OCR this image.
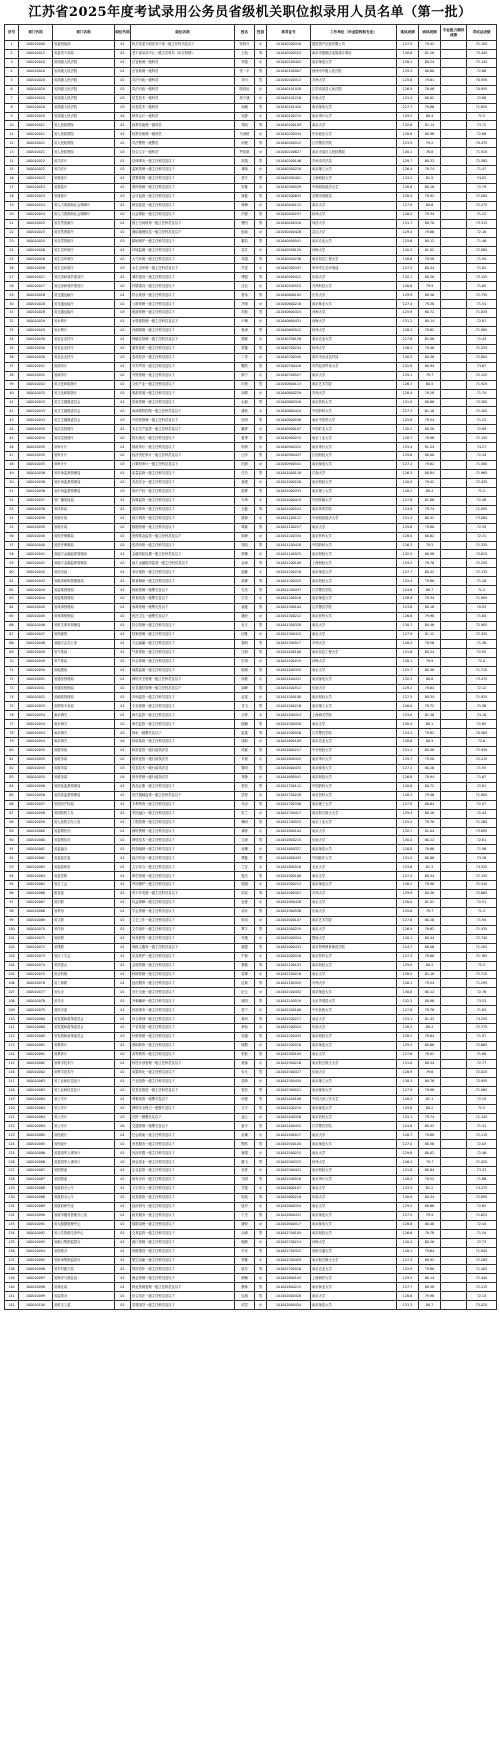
江苏省2025年度考试录用公务员省级机关职位拟录用人员名单（第一批）
序号	部门代码	部门名称	职位代码	职位名称	姓名	性别	准考证号	工作单位（毕业院校和专业）	笔试成绩	面试成绩	专业能力测试成绩	考试总成绩
1	100010000	省委统战部	01	机关党委专职党务干部一级主任科员及以下	张阿月	女	101040500318	建投资产运营有限公司	127.5	79.42		71.105
2	100010012	省委老干部局	01	老干部活动中心一级主任科员（综合管理）	王航	男	101040500525	南京市建邺区某街道办事处	130.6	81.28		73.445
3	100010020	省高级人民法院	01	法官助理一级科员	李菡	女	101040100402	南京师范大学	128.1	80.24		72.145
4	100010020	省高级人民法院	01	法官助理一级科员	张一平	男	101040100907	徐州市中级人民法院	129.3	80.88		72.66
5	100010020	省高级人民法院	02	司法行政一级科员	刘川	男	101040100312	苏州大学	125.8	79.61		70.935
6	100010020	省高级人民法院	02	司法行政一级科员	陈欣怡	女	101040101028	江苏省某县人民法院	126.9	78.46		70.955
7	100010020	省高级人民法院	03	信息技术一级科员	周子涵	女	101040101216	东南大学	131.4	80.02		72.86
8	100010020	省高级人民法院	03	信息技术一级科员	孙鹏	男	101040101420	南京邮电大学	127.7	79.86		71.855
9	100010020	省高级人民法院	04	财务会计一级科员	吴静	女	101040100715	南京审计大学	129.2	80.4		72.5
10	100010021	省人民检察院	01	检察官助理一级科员	郑凯	男	101040200109	南京大学	132.6	81.14		73.72
11	100010021	省人民检察院	01	检察官助理一级科员	马雨婷	女	101040200334	华东政法大学	128.8	80.96		72.68
12	100010021	省人民检察院	02	司法警察一级警员	何俊	男	101040200512	江苏警官学院	123.5	79.2		70.475
13	100010021	省人民检察院	03	综合文字一级科员	罗佳琪	女	101040200627	南京市某区人民检察院	130.1	78.8		71.925
14	100010022	省司法厅	01	法律事务一级主任科员及以下	高翔	男	101040300146	苏州市司法局	129.7	80.32		72.585
15	100010022	省司法厅	02	监狱管理一级主任科员及以下	林晓	女	101040300218	南京理工大学	126.4	79.74		71.47
16	100010023	省财政厅	01	预算管理一级主任科员及以下	梁宇	男	101040300401	上海财经大学	133.2	81.5		74.05
17	100010023	省财政厅	02	国库管理一级主任科员及以下	宋雅	女	101040300529	中南财经政法大学	130.8	80.18		72.79
18	100010023	省财政厅	03	会计监督一级主任科员及以下	唐磊	男	101040300633	无锡市财政局	128.5	79.92		72.085
19	100010024	省人力资源和社会保障厅	01	就业促进一级主任科员及以下	韩梅	女	101040400112	南京大学	127.9	80.6		72.275
20	100010024	省人力资源和社会保障厅	02	社会保险一级主任科员及以下	冯程	男	101040400257	扬州大学	126.2	79.34		71.22
21	100010025	省自然资源厅	01	国土空间规划一级主任科员及以下	曹阳	男	101040400318	同济大学	131.7	80.78		73.315
22	100010025	省自然资源厅	02	测绘地理信息一级主任科员及以下	彭丽	女	101040400426	武汉大学	129.4	79.66		72.18
23	100010025	省自然资源厅	03	耕地保护一级主任科员及以下	董浩	男	101040400541	南京农业大学	125.6	80.12		71.46
24	100010026	省生态环境厅	01	环境监测一级主任科员及以下	袁芳	女	101040500129	河海大学	130.3	81.02		72.085
25	100010026	省生态环境厅	02	大气环境一级主任科员及以下	邓超	男	101040500236	南京信息工程大学	128.6	79.58		71.94
26	100010026	省生态环境厅	03	水生态环境一级主任科员及以下	许雯	女	101040500347	常州市生态环境局	127.2	80.44		71.82
27	100010027	省住房和城乡建设厅	01	城市建设一级主任科员及以下	傅强	男	101040500412	东南大学	132.1	80.26		73.155
28	100010027	省住房和城乡建设厅	02	村镇建设一级主任科员及以下	沈洁	女	101040500523	苏州科技大学	126.8	79.9		71.65
29	100010028	省交通运输厅	01	综合规划一级主任科员及以下	曾伟	男	101040600105	长安大学	129.9	80.56		72.755
30	100010028	省交通运输厅	02	公路管理一级主任科员及以下	吕晴	女	101040600218	南京林业大学	127.4	79.38		71.54
31	100010028	省交通运输厅	03	航道管理一级主任科员及以下	苏航	男	101040600324	河海大学	125.9	80.72		71.835
32	100010029	省水利厅	01	水资源管理一级主任科员及以下	卢琳	女	101040600431	河海大学	131.2	80.14		72.87
33	100010029	省水利厅	02	河湖管理一级主任科员及以下	蒋涛	男	101040600512	扬州大学	128.3	79.82		71.985
34	100010030	省农业农村厅	01	种植业管理一级主任科员及以下	蔡敏	女	101040700126	南京农业大学	127.6	81.08		72.44
35	100010030	省农业农村厅	02	畜牧兽医一级主任科员及以下	贾鑫	男	101040700234	扬州大学	126.1	79.46		71.255
36	100010030	省农业农村厅	03	农村经济一级主任科员及以下	丁雪	女	101040700345	淮安市农业农村局	130.5	80.36		72.805
37	100010031	省商务厅	01	对外贸易一级主任科员及以下	魏然	男	101040700418	对外经济贸易大学	132.8	80.94		73.67
38	100010031	省商务厅	02	外资管理一级主任科员及以下	薛宁	女	101040700527	南京大学	129.1	79.7		72.125
39	100010032	省文化和旅游厅	01	文化产业一级主任科员及以下	叶晨	男	101040800113	南京艺术学院	126.7	80.5		71.925
40	100010032	省文化和旅游厅	02	旅游发展一级主任科员及以下	阎婧	女	101040800229	苏州大学	128.4	79.28		71.74
41	100010033	省卫生健康委员会	01	医政管理一级主任科员及以下	余斌	男	101040800316	南京医科大学	131.9	80.66		73.305
42	100010033	省卫生健康委员会	02	疾病预防控制一级主任科员及以下	潘悦	女	101040800424	中国药科大学	127.3	81.16		72.405
43	100010033	省卫生健康委员会	03	中医药管理一级主任科员及以下	杜明	男	101040800538	南京中医药大学	125.8	79.54		71.22
44	100010034	省应急管理厅	01	安全生产监管一级主任科员及以下	戴婷	女	101040900107	中国矿业大学	130.2	80.28		72.69
45	100010034	省应急管理厅	02	防灾减灾一级主任科员及以下	夏勇	男	101040900215	南京工业大学	128.7	79.96		72.155
46	100010035	省审计厅	01	财政审计一级主任科员及以下	钟倩	女	101040900322	南京审计大学	133.4	81.24		74.27
47	100010035	省审计厅	02	经济责任审计一级主任科员及以下	汪洋	男	101040900437	江西财经大学	129.6	80.08		72.44
48	100010035	省审计厅	03	计算机审计一级主任科员及以下	田甜	女	101040900541	南京邮电大学	127.1	79.62		71.585
49	100010036	省市场监督管理局	01	质量监督一级主任科员及以下	任杰	男	101041000118	江南大学	126.5	80.84		71.965
50	100010036	省市场监督管理局	02	食品安全一级主任科员及以下	姜媛	女	101041000226	南京财经大学	130.9	79.42		72.435
51	100010036	省市场监督管理局	03	知识产权一级主任科员及以下	范辉	男	101041000333	南京理工大学	128.2	80.3		72.2
52	100010037	省广播电视局	01	传媒监管一级主任科员及以下	方琦	女	101041000419	中国传媒大学	127.8	81.06		72.48
53	100010038	省体育局	01	竞技体育一级主任科员及以下	石磊	男	101041000524	南京体育学院	124.9	79.74		71.095
54	100010039	省统计局	01	统计调查一级主任科员及以下	姚颖	女	101041100112	中南财经政法大学	131.3	80.52		73.085
55	100010039	省统计局	02	数据管理一级主任科员及以下	谭斌	男	101041100227	南京大学	129.8	79.88		72.39
56	100010040	省医疗保障局	01	医保基金监管一级主任科员及以下	廖静	女	101041100334	南京医科大学	128.0	80.62		72.31
57	100010040	省医疗保障局	02	医药价格一级主任科员及以下	邹凯	男	101041100418	中国药科大学	126.3	79.5		71.325
58	100010041	省地方金融监督管理局	01	金融风险处置一级主任科员及以下	熊琳	女	101041100525	南京财经大学	132.5	80.98		73.615
59	100010041	省地方金融监督管理局	02	地方金融组织监管一级主任科员及以下	金涛	男	101041200109	上海财经大学	129.5	79.76		72.255
60	100010042	省信访局	01	来访接待一级主任科员及以下	陆娜	女	101041200216	南京师范大学	127.7	80.42		72.135
61	100010043	省粮食和物资储备局	01	粮食储备一级主任科员及以下	郝博	男	101041200323	南京财经大学	125.4	79.86		71.28
62	100010044	省监狱管理局	01	狱政管理一级警长及以下	孔亮	男	101041200437	江苏警官学院	124.6	80.7		71.5
63	100010044	省监狱管理局	02	教育改造一级警长及以下	白雪	女	101041200518	南京师范大学	128.9	79.34		71.895
64	100010045	省戒毒管理局	01	戒毒管理一级警长及以下	崔健	男	101041300104	江苏警官学院	123.8	80.16		70.93
65	100010045	省戒毒管理局	02	医疗卫生一级警长及以下	康欣	女	101041300212	南京医科大学	126.6	79.98		71.64
66	100010046	省机关事务管理局	01	综合管理一级主任科员及以下	毛宇	男	101041300328	南京大学	130.7	80.46		72.905
67	100010047	省档案馆	01	档案管理一级主任科员及以下	邱雅	女	101041300415	南京大学	127.9	81.12		72.535
68	100010048	省地方志办公室	01	方志编纂一级主任科员及以下	秦朗	男	101041300527	苏州大学	126.4	79.56		71.38
69	100010049	省气象局	01	气象预报一级主任科员及以下	江帆	男	101041400106	南京信息工程大学	131.6	80.24		72.92
70	100010049	省气象局	02	综合管理一级主任科员及以下	史琪	女	101041400219	河海大学	128.1	79.9		72.0
71	100010050	省地震局	01	地震监测一级主任科员及以下	顾城	男	101041400325	南京大学	125.7	80.58		71.715
72	100010051	省通信管理局	01	网络安全管理一级主任科员及以下	侯敏	女	101041400431	南京邮电大学	132.3	80.8		73.475
73	100010051	省通信管理局	02	信息通信管理一级主任科员及以下	邵峰	男	101041400512	东南大学	129.2	79.64		72.12
74	100010052	省邮政管理局	01	市场监管一级主任科员及以下	孟瑶	女	101041500108	南京财经大学	127.5	80.34		71.925
75	100010053	省烟草专卖局	01	专卖管理一级主任科员及以下	龙飞	男	101041500216	南京理工大学	126.0	79.72		71.36
76	100010054	南京海关	01	海关监管一级主任科员及以下	万婷	女	101041500324	上海海关学院	133.0	81.36		74.18
77	100010054	南京海关	02	海关监管一级主任科员及以下	段鹏	男	101041500418	南京大学	130.4	80.1		72.65
78	100010054	南京海关	03	缉私一级警长及以下	雷霆	男	101041500526	江苏警官学院	124.3	79.82		70.985
79	100010054	南京海关	04	检验检疫一级主任科员及以下	钱莉	女	101041600109	南京农业大学	128.6	80.9		72.6
80	100010055	省税务局	01	税收征管一级行政执法员	汤斌	男	101041600217	中央财经大学	131.1	80.48		72.935
81	100010055	省税务局	02	税收征管一级行政执法员	尹瑞	女	101041600325	南京审计大学	129.7	79.58		72.215
82	100010055	省税务局	03	信息技术一级行政执法员	黎明	男	101041600433	南京邮电大学	127.2	80.26		71.93
83	100010055	省税务局	04	财务管理一级行政执法员	易静	女	101041600541	南京财经大学	126.8	79.94		71.67
84	100010056	省药品监督管理局	01	药品注册一级主任科员及以下	常浩	男	101041700112	中国药科大学	130.6	80.72		72.81
85	100010056	省药品监督管理局	02	医疗器械监管一级主任科员及以下	武悦	女	101041700228	南京医科大学	128.3	79.46		71.805
86	100010057	省知识产权局	01	专利审查一级主任科员及以下	乔治	男	101041700336	南京理工大学	127.0	80.64		72.07
87	100010058	省国防科工办	01	军民融合一级主任科员及以下	贺兰	女	101041700417	南京航空航天大学	129.4	80.18		72.44
88	100010059	省人民防空办公室	01	工程管理一级主任科员及以下	赖明	男	101041700523	南京工业大学	125.5	79.78		71.265
89	100010060	省委网信办	01	网络舆情一级主任科员及以下	龚婷	女	101041800104	南京大学	132.7	81.04		73.695
90	100010060	省委网信办	02	网络技术一级主任科员及以下	文涛	男	101041800215	东南大学	130.0	80.22		72.61
91	100010061	省委编办	01	机构编制一级主任科员及以下	庞琳	女	101041800327	南京师范大学	128.8	79.66		71.98
92	100010062	省委政法委	01	政法综治一级主任科员及以下	樊磊	男	101041800433	中国政法大学	131.5	80.86		73.18
93	100010063	省委政研室	01	文字综合一级主任科员及以下	兰芳	女	101041800518	北京大学	133.6	81.3		74.325
94	100010064	省委党校	01	教学管理一级主任科员及以下	殷杰	男	101041900106	南京大学	127.4	80.54		72.155
95	100010065	省总工会	01	劳动保护一级主任科员及以下	施娟	女	101041900213	南京师范大学	126.2	79.98		71.545
96	100010066	团省委	01	青少年发展一级主任科员及以下	洪波	男	101041900321	苏州大学	129.9	80.38		72.665
97	100010067	省妇联	01	权益保障一级主任科员及以下	包蕾	女	101041900428	南京大学	128.0	81.02		72.51
98	100010068	省科协	01	学会管理一级主任科员及以下	祁东	男	101041900536	东南大学	125.8	79.7		71.3
99	100010069	省文联	01	文艺工作一级主任科员及以下	柯岚	女	101042000107	南京艺术学院	127.6	80.28		71.94
100	100010070	省作协	01	文学创作一级主任科员及以下	覃宇	男	101042000219	南京大学	126.9	79.62		71.535
101	100010071	省侨联	01	侨务联络一级主任科员及以下	车婕	女	101042000324	暨南大学	130.1	80.44		72.745
102	100010072	省残联	01	残疾人服务一级主任科员及以下	盛强	男	101042000431	南京特殊教育师范学院	124.7	80.06		71.205
103	100010073	省红十字会	01	应急救护一级主任科员及以下	牛敏	女	101042000516	南京医科大学	127.3	79.88		71.765
104	100010074	省贸促会	01	会展管理一级主任科员及以下	鲁健	男	101042100103	南京财经大学	129.0	80.5		72.5
105	100010075	省社科联	01	科研管理一级主任科员及以下	葛琳	女	101042100218	南京大学	128.5	81.18		72.715
106	100010076	省工商联	01	经济服务一级主任科员及以下	伍斌	男	101042100325	苏州大学	126.1	79.54		71.295
107	100010077	省台办	01	对台交流一级主任科员及以下	纪云	女	101042100432	南京师范大学	130.8	80.12		72.76
108	100010078	省外办	01	外事翻译一级主任科员及以下	欧阳	男	101042100519	北京外国语大学	132.2	80.96		73.53
109	100010079	省民宗委	01	民族事务一级主任科员及以下	詹宁	女	101042200106	中央民族大学	127.8	79.76		71.83
110	100010080	省发展和改革委员会	01	综合规划一级主任科员及以下	黄河	男	101042200217	南京大学	133.1	81.42		74.255
111	100010080	省发展和改革委员会	02	产业发展一级主任科员及以下	章怡	女	101042200324	东南大学	130.5	80.3		72.775
112	100010080	省发展和改革委员会	03	价格管理一级主任科员及以下	卓越	男	101042200433	南京财经大学	128.2	79.84		71.97
113	100010081	省教育厅	01	基础教育一级主任科员及以下	储慧	女	101042200518	南京师范大学	129.3	80.68		72.665
114	100010081	省教育厅	02	高等教育一级主任科员及以下	柏松	男	101042300105	南京大学	127.6	79.92		71.86
115	100010082	省科学技术厅	01	科技计划管理一级主任科员及以下	奚蓉	女	101042300216	南京航空航天大学	131.0	80.54		72.77
116	100010082	省科学技术厅	02	成果转化一级主任科员及以下	仇凡	男	101042300327	东南大学	128.9	79.6		72.025
117	100010083	省工业和信息化厅	01	产业投资一级主任科员及以下	裴琦	女	101042300434	南京理工大学	130.3	80.76		72.955
118	100010083	省工业和信息化厅	02	信息化推进一级主任科员及以下	管浩	男	101042300521	南京邮电大学	127.9	79.98		71.965
119	100010084	省公安厅	01	刑事侦查一级警长及以下	房强	男	101042400108	中国人民公安大学	126.4	81.1		72.15
120	100010084	省公安厅	02	网络安全保卫一级警长及以下	丘宇	男	101042400219	南京邮电大学	129.6	80.2		72.5
121	100010084	省公安厅	03	法医一级警长及以下	蓝心	女	101042400326	南京医科大学	125.1	79.74		71.145
122	100010084	省公安厅	04	交通管理一级警长及以下	晏平	男	101042400432	江苏警官学院	124.8	80.42		71.41
123	100010085	省民政厅	01	社会救助一级主任科员及以下	巫琳	女	101042400517	南京大学	128.7	79.88		72.115
124	100010085	省民政厅	02	养老服务一级主任科员及以下	陶然	男	101042500104	南京师范大学	127.0	80.56		72.03
125	100010086	省退役军人事务厅	01	优抚安置一级主任科员及以下	屠娟	女	101042500215	南京大学	129.8	80.02		72.46
126	100010086	省退役军人事务厅	02	就业创业一级主任科员及以下	滕飞	男	101042500323	扬州大学	126.3	79.7		71.425
127	100010087	省国资委	01	企业监管一级主任科员及以下	祝青	女	101042500431	南京财经大学	131.8	80.84		73.37
128	100010087	省国资委	02	财务评价一级主任科员及以下	尤明	男	101042500518	南京审计大学	128.4	79.52		71.86
129	100010088	省政府办公厅	01	文字综合一级主任科员及以下	甘露	女	101042600107	南京大学	133.5	81.2		74.275
130	100010088	省政府办公厅	02	信息督查一级主任科员及以下	阮航	男	101042600216	东南大学	130.9	80.34		72.895
131	100010089	省政府研究室	01	经济研究一级主任科员及以下	钮丹	女	101042600324	南京大学	129.2	80.66		72.63
132	100010090	省政务服务管理办公室	01	政务服务一级主任科员及以下	卞杰	男	101042600431	南京师范大学	127.5	79.9		71.825
133	100010091	省大数据管理中心	01	数据治理一级主任科员及以下	蒲悦	女	101042600517	南京邮电大学	128.8	80.48		72.44
134	100010092	省公共资源交易中心	01	交易监管一级主任科员及以下	闵涛	男	101042700105	南京财经大学	126.6	79.78		71.54
135	100010093	省港口集团监管办	01	港口管理一级主任科员及以下	柴静	女	101042700214	河海大学	130.4	80.26		72.73
136	100010094	省铁路办	01	铁路建设一级主任科员及以下	辛亮	男	101042700322	西南交通大学	128.1	79.64		71.845
137	100010095	省机场集团监管办	01	航空运输一级主任科员及以下	蒙雅	女	101042700429	南京航空航天大学	127.3	80.92		72.285
138	100010096	省乡村振兴局	01	帮扶协作一级主任科员及以下	扈东	男	101042700516	南京农业大学	125.9	79.86		71.405
139	100010097	省海洋与渔业局	01	渔业管理一级主任科员及以下	阙琳	女	101042800103	上海海洋大学	129.5	80.14		72.445
140	100010098	省林业局	01	林业资源管理一级主任科员及以下	墨林	男	101042800215	南京林业大学	127.7	80.58		72.215
141	100010099	省监管办	01	综合执法一级主任科员及以下	连城	男	101042800326	南京大学	128.6	79.96		72.13
142	100010100	省机关工委	01	党建指导一级主任科员及以下	项雪	女	101042800434	南京师范大学	131.3	80.7		73.025
